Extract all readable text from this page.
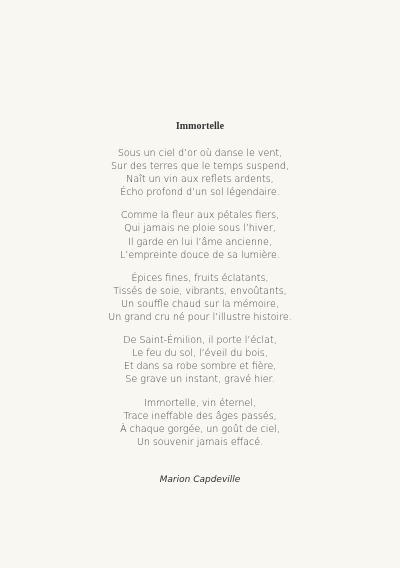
Immortelle
Sous un ciel d’or où danse le vent,
Sur des terres que le temps suspend,
Naît un vin aux reflets ardents,
Écho profond d’un sol légendaire.
Comme la fleur aux pétales fiers,
Qui jamais ne ploie sous l’hiver,
Il garde en lui l’âme ancienne,
L’empreinte douce de sa lumière.
Épices fines, fruits éclatants,
Tissés de soie, vibrants, envoûtants,
Un souffle chaud sur la mémoire,
Un grand cru né pour l’illustre histoire.
De Saint-Émilion, il porte l’éclat,
Le feu du sol, l’éveil du bois,
Et dans sa robe sombre et fière,
Se grave un instant, gravé hier.
Immortelle, vin éternel,
Trace ineffable des âges passés,
À chaque gorgée, un goût de ciel,
Un souvenir jamais effacé.
Marion Capdeville
